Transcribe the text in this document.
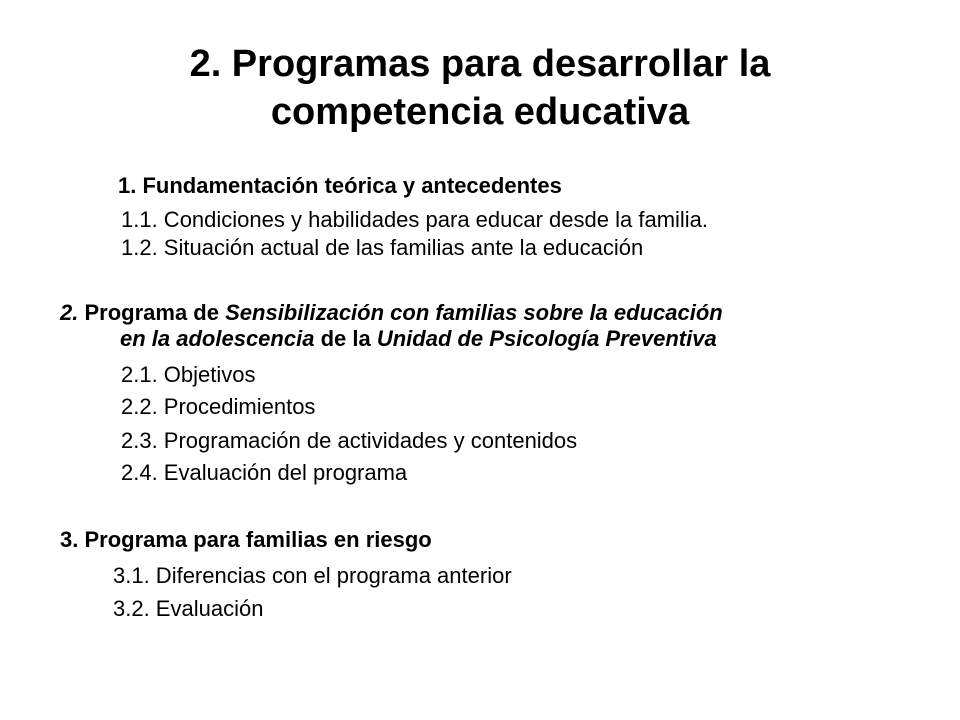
2. Programas para desarrollar la
competencia educativa
1. Fundamentación teórica y antecedentes
1.1. Condiciones y habilidades para educar desde la familia.
1.2. Situación actual de las familias ante la educación
2. Programa de Sensibilización con familias sobre la educación
en la adolescencia de la Unidad de Psicología Preventiva
2.1. Objetivos
2.2. Procedimientos
2.3. Programación de actividades y contenidos
2.4. Evaluación del programa
3. Programa para familias en riesgo
3.1. Diferencias con el programa anterior
3.2. Evaluación
